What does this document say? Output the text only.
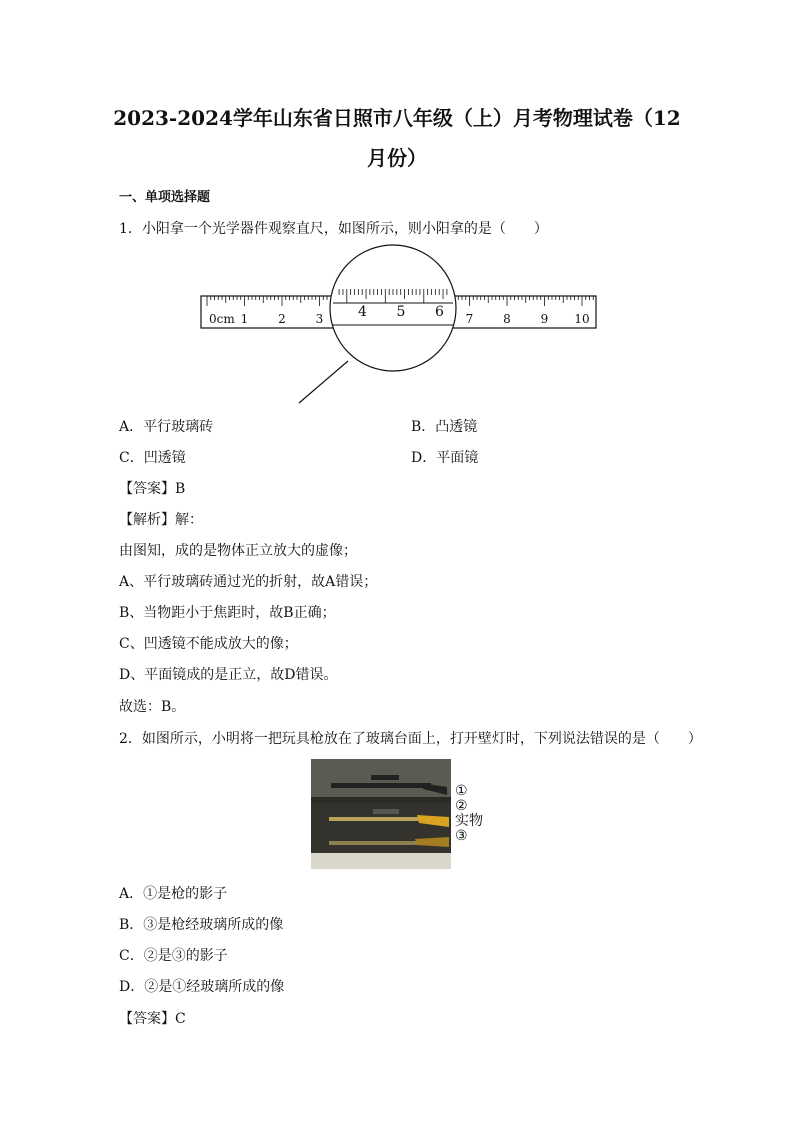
2023-2024学年山东省日照市八年级（上）月考物理试卷（12
月份）
一、单项选择题
1．小阳拿一个光学器件观察直尺，如图所示，则小阳拿的是（　　）
0cm 1 2 3	7 8 9 10
4 5 6
A．平行玻璃砖	B．凸透镜
C．凹透镜	D．平面镜
【答案】B
【解析】解：
由图知，成的是物体正立放大的虚像；
A、平行玻璃砖通过光的折射，故A错误；
B、当物距小于焦距时，故B正确；
C、凹透镜不能成放大的像；
D、平面镜成的是正立，故D错误。
故选：B。
2．如图所示，小明将一把玩具枪放在了玻璃台面上，打开壁灯时，下列说法错误的是（　　）
①
②
实物
③
A．①是枪的影子
B．③是枪经玻璃所成的像
C．②是③的影子
D．②是①经玻璃所成的像
【答案】C
